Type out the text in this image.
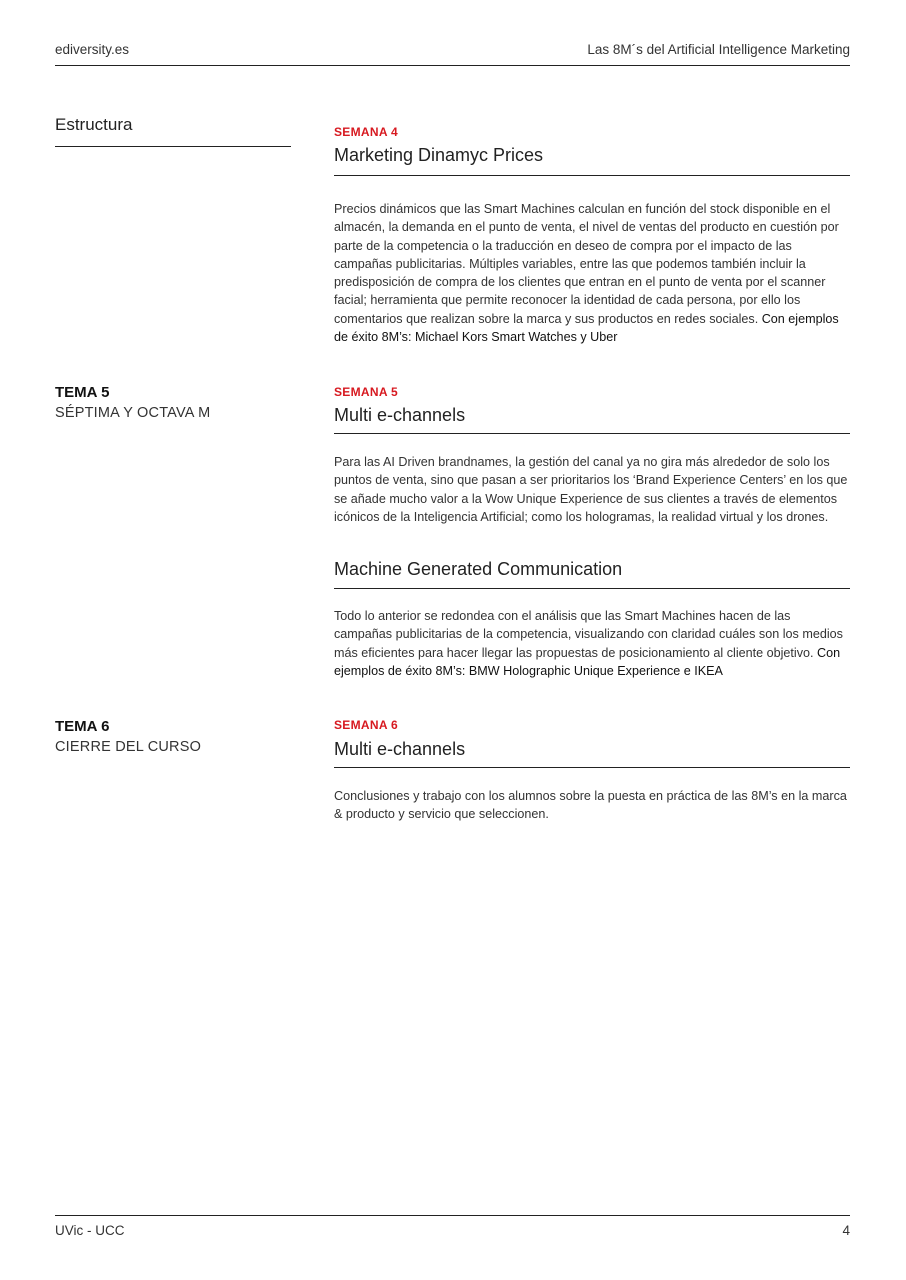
ediversity.es	Las 8M´s del Artificial Intelligence Marketing
Estructura
TEMA 5
SÉPTIMA Y OCTAVA M
TEMA 6
CIERRE DEL CURSO
SEMANA 4
Marketing Dinamyc Prices
Precios dinámicos que las Smart Machines calculan en función del stock disponible en el almacén, la demanda en el punto de venta, el nivel de ventas del producto en cuestión por parte de la competencia o la traducción en deseo de compra por el impacto de las campañas publicitarias. Múltiples variables, entre las que podemos también incluir la predisposición de compra de los clientes que entran en el punto de venta por el scanner facial; herramienta que permite reconocer la identidad de cada persona, por ello los comentarios que realizan sobre la marca y sus productos en redes sociales. Con ejemplos de éxito 8M’s: Michael Kors Smart Watches y Uber
SEMANA 5
Multi e-channels
Para las AI Driven brandnames, la gestión del canal ya no gira más alrededor de solo los puntos de venta, sino que pasan a ser prioritarios los ‘Brand Experience Centers’ en los que se añade mucho valor a la Wow Unique Experience de sus clientes a través de elementos icónicos de la Inteligencia Artificial; como los hologramas, la realidad virtual y los drones.
Machine Generated Communication
Todo lo anterior se redondea con el análisis que las Smart Machines hacen de las campañas publicitarias de la competencia, visualizando con claridad cuáles son los medios más eficientes para hacer llegar las propuestas de posicionamiento al cliente objetivo. Con ejemplos de éxito 8M’s: BMW Holographic Unique Experience e IKEA
SEMANA 6
Multi e-channels
Conclusiones y trabajo con los alumnos sobre la puesta en práctica de las 8M’s en la marca & producto y servicio que seleccionen.
UVic - UCC	4
